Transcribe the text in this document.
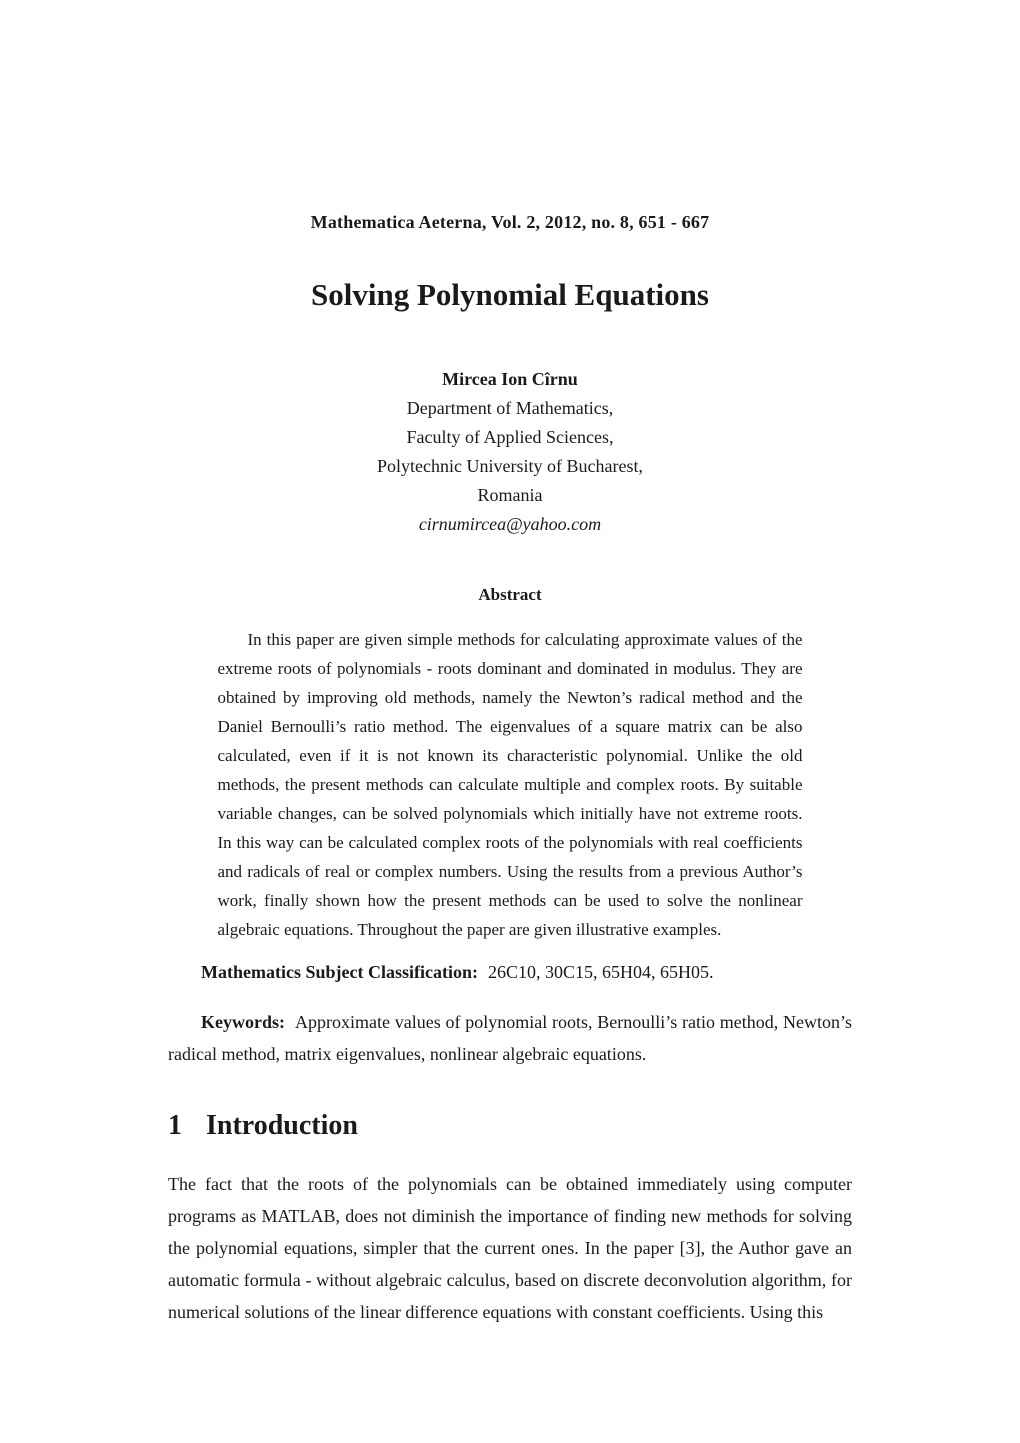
Mathematica Aeterna, Vol. 2, 2012, no. 8, 651 - 667
Solving Polynomial Equations
Mircea Ion Cîrnu
Department of Mathematics,
Faculty of Applied Sciences,
Polytechnic University of Bucharest,
Romania
cirnumircea@yahoo.com
Abstract

In this paper are given simple methods for calculating approximate values of the extreme roots of polynomials - roots dominant and dominated in modulus. They are obtained by improving old methods, namely the Newton’s radical method and the Daniel Bernoulli’s ratio method. The eigenvalues of a square matrix can be also calculated, even if it is not known its characteristic polynomial. Unlike the old methods, the present methods can calculate multiple and complex roots. By suitable variable changes, can be solved polynomials which initially have not extreme roots. In this way can be calculated complex roots of the polynomials with real coefficients and radicals of real or complex numbers. Using the results from a previous Author’s work, finally shown how the present methods can be used to solve the nonlinear algebraic equations. Throughout the paper are given illustrative examples.

Mathematics Subject Classification: 26C10, 30C15, 65H04, 65H05.

Keywords: Approximate values of polynomial roots, Bernoulli’s ratio method, Newton’s radical method, matrix eigenvalues, nonlinear algebraic equations.

1 Introduction

The fact that the roots of the polynomials can be obtained immediately using computer programs as MATLAB, does not diminish the importance of finding new methods for solving the polynomial equations, simpler that the current ones. In the paper [3], the Author gave an automatic formula - without algebraic calculus, based on discrete deconvolution algorithm, for numerical solutions of the linear difference equations with constant coefficients. Using this
